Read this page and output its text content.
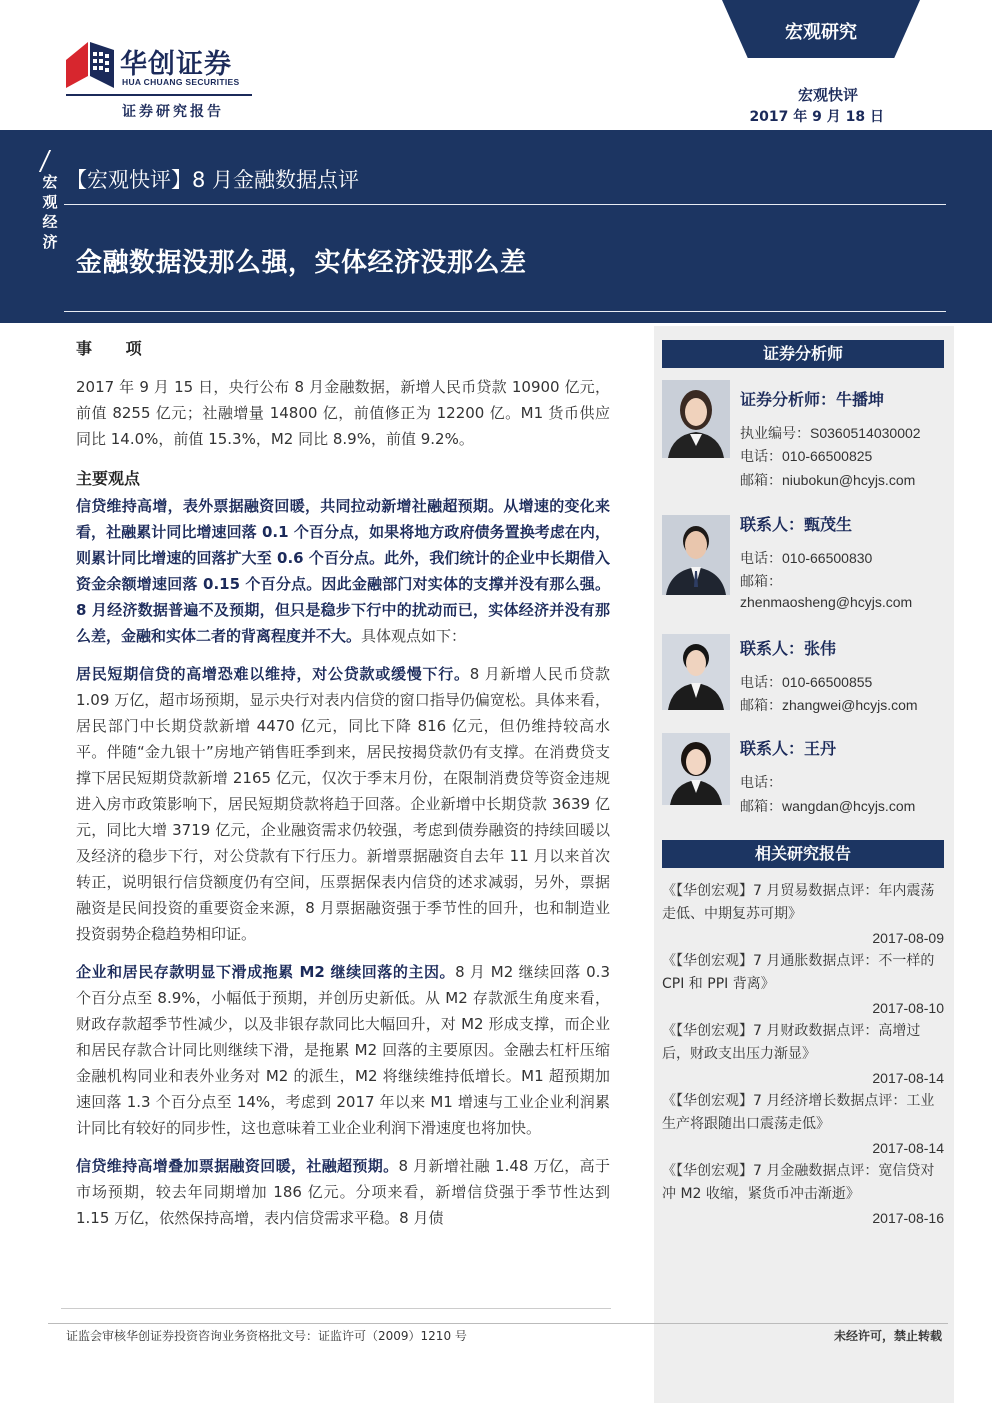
华创证券
HUA CHUANG SECURITIES
证券研究报告
宏观研究
宏观快评
2017 年 9 月 18 日
宏
观
经
济
【宏观快评】8 月金融数据点评
金融数据没那么强，实体经济没那么差
事 项

2017 年 9 月 15 日，央行公布 8 月金融数据，新增人民币贷款 10900 亿元，前值 8255 亿元；社融增量 14800 亿，前值修正为 12200 亿。M1 货币供应同比 14.0%，前值 15.3%，M2 同比 8.9%，前值 9.2%。

主要观点

信贷维持高增，表外票据融资回暖，共同拉动新增社融超预期。从增速的变化来看，社融累计同比增速回落 0.1 个百分点，如果将地方政府债务置换考虑在内，则累计同比增速的回落扩大至 0.6 个百分点。此外，我们统计的企业中长期借入资金余额增速回落 0.15 个百分点。因此金融部门对实体的支撑并没有那么强。8 月经济数据普遍不及预期，但只是稳步下行中的扰动而已，实体经济并没有那么差，金融和实体二者的背离程度并不大。具体观点如下：

居民短期信贷的高增恐难以维持，对公贷款或缓慢下行。8 月新增人民币贷款 1.09 万亿，超市场预期，显示央行对表内信贷的窗口指导仍偏宽松。具体来看，居民部门中长期贷款新增 4470 亿元，同比下降 816 亿元，但仍维持较高水平。伴随“金九银十”房地产销售旺季到来，居民按揭贷款仍有支撑。在消费贷支撑下居民短期贷款新增 2165 亿元，仅次于季末月份，在限制消费贷等资金违规进入房市政策影响下，居民短期贷款将趋于回落。企业新增中长期贷款 3639 亿元，同比大增 3719 亿元，企业融资需求仍较强，考虑到债券融资的持续回暖以及经济的稳步下行，对公贷款有下行压力。新增票据融资自去年 11 月以来首次转正，说明银行信贷额度仍有空间，压票据保表内信贷的述求减弱，另外，票据融资是民间投资的重要资金来源，8 月票据融资强于季节性的回升，也和制造业投资弱势企稳趋势相印证。

企业和居民存款明显下滑成拖累 M2 继续回落的主因。8 月 M2 继续回落 0.3 个百分点至 8.9%，小幅低于预期，并创历史新低。从 M2 存款派生角度来看，财政存款超季节性减少，以及非银存款同比大幅回升，对 M2 形成支撑，而企业和居民存款合计同比则继续下滑，是拖累 M2 回落的主要原因。金融去杠杆压缩金融机构同业和表外业务对 M2 的派生，M2 将继续维持低增长。M1 超预期加速回落 1.3 个百分点至 14%，考虑到 2017 年以来 M1 增速与工业企业利润累计同比有较好的同步性，这也意味着工业企业利润下滑速度也将加快。

信贷维持高增叠加票据融资回暖，社融超预期。8 月新增社融 1.48 万亿，高于市场预期，较去年同期增加 186 亿元。分项来看，新增信贷强于季节性达到 1.15 万亿，依然保持高增，表内信贷需求平稳。8 月债

证券分析师
证券分析师：牛播坤
执业编号：S0360514030002
电话：010-66500825
邮箱：niubokun@hcyjs.com
联系人：甄茂生
电话：010-66500830
邮箱：
zhenmaosheng@hcyjs.com
联系人：张伟
电话：010-66500855
邮箱：zhangwei@hcyjs.com
联系人：王丹
电话：
邮箱：wangdan@hcyjs.com
相关研究报告
《【华创宏观】7 月贸易数据点评：年内震荡走低、中期复苏可期》
2017-08-09
《【华创宏观】7 月通胀数据点评：不一样的 CPI 和 PPI 背离》
2017-08-10
《【华创宏观】7 月财政数据点评：高增过后，财政支出压力渐显》
2017-08-14
《【华创宏观】7 月经济增长数据点评：工业生产将跟随出口震荡走低》
2017-08-14
《【华创宏观】7 月金融数据点评：宽信贷对冲 M2 收缩，紧货币冲击渐逝》
2017-08-16
证监会审核华创证券投资咨询业务资格批文号：证监许可（2009）1210 号	未经许可，禁止转载
